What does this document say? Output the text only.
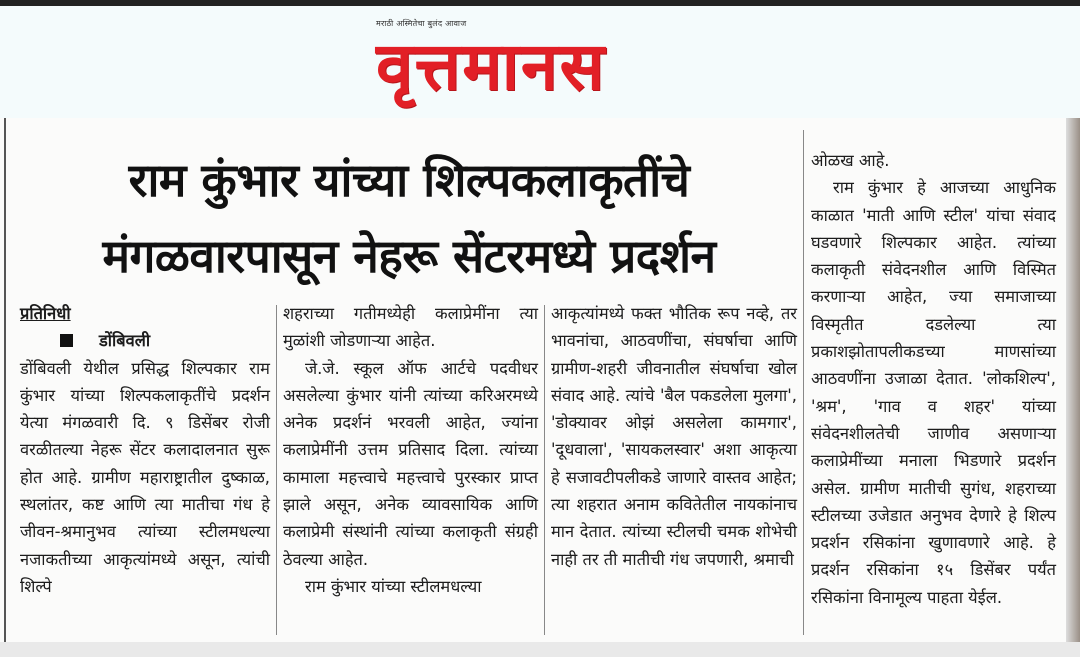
मराठी अस्मितेचा बुलंद आवाज
वृत्तमानस
राम कुंभार यांच्या शिल्पकलाकृतींचे
मंगळवारपासून नेहरू सेंटरमध्ये प्रदर्शन

प्रतिनिधी

डोंबिवली

डोंबिवली येथील प्रसिद्ध शिल्पकार राम कुंभार यांच्या शिल्पकलाकृतींचे प्रदर्शन येत्या मंगळवारी दि. ९ डिसेंबर रोजी वरळीतल्या नेहरू सेंटर कलादालनात सुरू होत आहे. ग्रामीण महाराष्ट्रातील दुष्काळ, स्थलांतर, कष्ट आणि त्या मातीचा गंध हे जीवन-श्रमानुभव त्यांच्या स्टीलमधल्या नजाकतीच्या आकृत्यांमध्ये असून, त्यांची शिल्पे

शहराच्या गतीमध्येही कलाप्रेमींना त्या मुळांशी जोडणाऱ्या आहेत.

जे.जे. स्कूल ऑफ आर्टचे पदवीधर असलेल्या कुंभार यांनी त्यांच्या करिअरमध्ये अनेक प्रदर्शनं भरवली आहेत, ज्यांना कलाप्रेमींनी उत्तम प्रतिसाद दिला. त्यांच्या कामाला महत्त्वाचे महत्त्वाचे पुरस्कार प्राप्त झाले असून, अनेक व्यावसायिक आणि कलाप्रेमी संस्थांनी त्यांच्या कलाकृती संग्रही ठेवल्या आहेत.

राम कुंभार यांच्या स्टीलमधल्या

आकृत्यांमध्ये फक्त भौतिक रूप नव्हे, तर भावनांचा, आठवणींचा, संघर्षाचा आणि ग्रामीण-शहरी जीवनातील संघर्षाचा खोल संवाद आहे. त्यांचे 'बैल पकडलेला मुलगा', 'डोक्यावर ओझं असलेला कामगार', 'दूधवाला', 'सायकलस्वार' अशा आकृत्या हे सजावटीपलीकडे जाणारे वास्तव आहेत; त्या शहरात अनाम कवितेतील नायकांनाच मान देतात. त्यांच्या स्टीलची चमक शोभेची नाही तर ती मातीची गंध जपणारी, श्रमाची

ओळख आहे.

राम कुंभार हे आजच्या आधुनिक काळात 'माती आणि स्टील' यांचा संवाद घडवणारे शिल्पकार आहेत. त्यांच्या कलाकृती संवेदनशील आणि विस्मित करणाऱ्या आहेत, ज्या समाजाच्या विस्मृतीत दडलेल्या त्या प्रकाशझोतापलीकडच्या माणसांच्या आठवणींना उजाळा देतात. 'लोकशिल्प', 'श्रम', 'गाव व शहर' यांच्या संवेदनशीलतेची जाणीव असणाऱ्या कलाप्रेमींच्या मनाला भिडणारे प्रदर्शन असेल. ग्रामीण मातीची सुगंध, शहराच्या स्टीलच्या उजेडात अनुभव देणारे हे शिल्प प्रदर्शन रसिकांना खुणावणारे आहे. हे प्रदर्शन रसिकांना १५ डिसेंबर पर्यंत रसिकांना विनामूल्य पाहता येईल.
